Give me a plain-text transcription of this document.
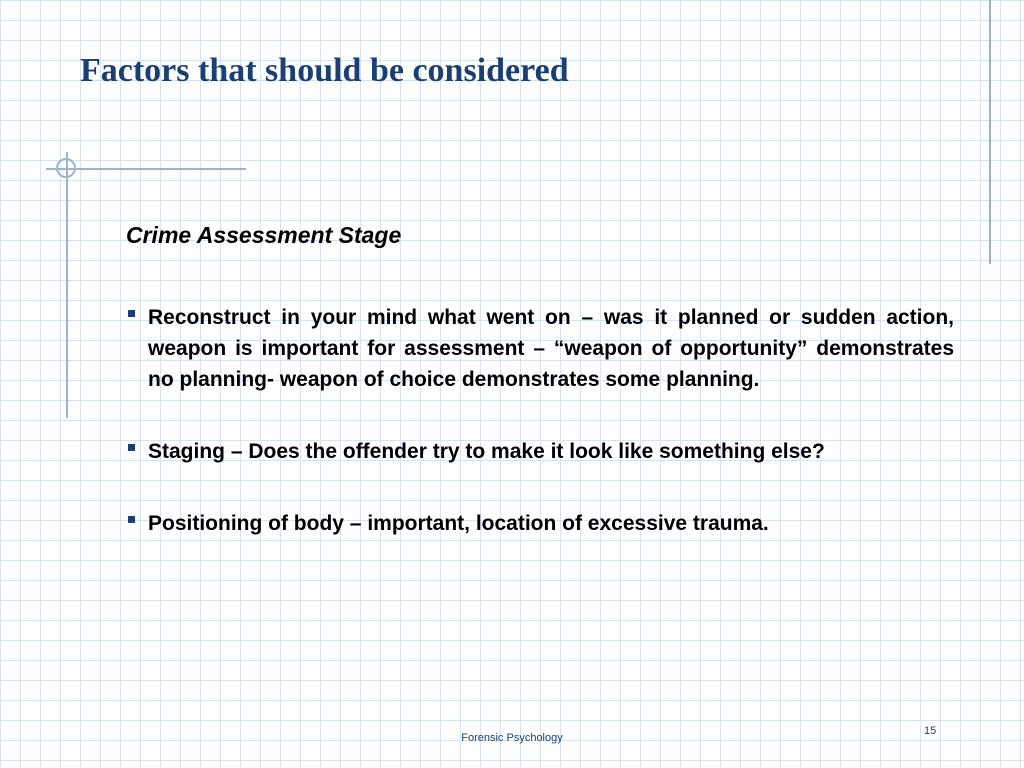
Factors that should be considered
Crime Assessment Stage
Reconstruct in your mind what went on – was it planned or sudden action, weapon is important for assessment – “weapon of opportunity” demonstrates no planning- weapon of choice demonstrates some planning.
Staging – Does the offender try to make it look like something else?
Positioning of body – important, location of excessive trauma.
Forensic Psychology
15
